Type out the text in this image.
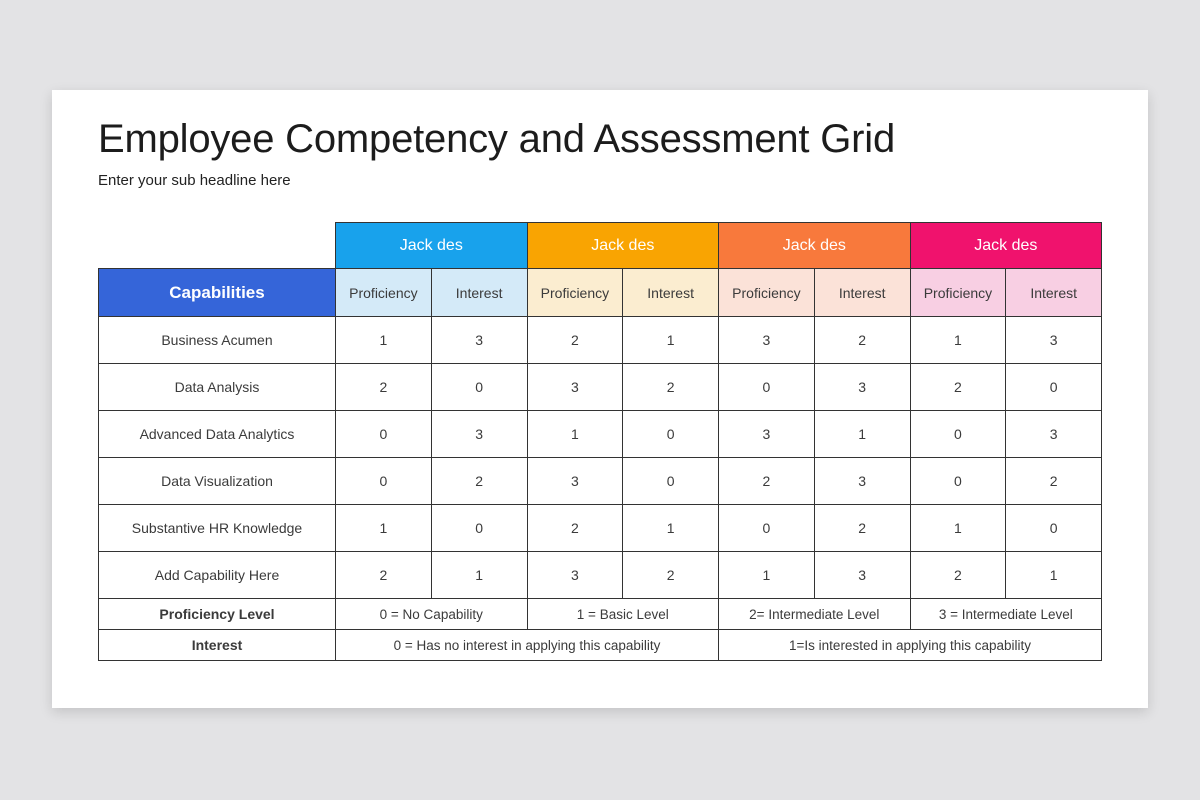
Employee Competency and Assessment Grid
Enter your sub headline here
	Jack des		Jack des		Jack des		Jack des	
Capabilities	Proficiency	Interest	Proficiency	Interest	Proficiency	Interest	Proficiency	Interest
Business Acumen	1	3	2	1	3	2	1	3
Data Analysis	2	0	3	2	0	3	2	0
Advanced Data Analytics	0	3	1	0	3	1	0	3
Data Visualization	0	2	3	0	2	3	0	2
Substantive HR Knowledge	1	0	2	1	0	2	1	0
Add Capability Here	2	1	3	2	1	3	2	1
Proficiency Level	0 = No Capability		1 = Basic Level		2= Intermediate Level		3 = Intermediate Level	
Interest	0 = Has no interest in applying this capability				1=Is interested in applying this capability			
